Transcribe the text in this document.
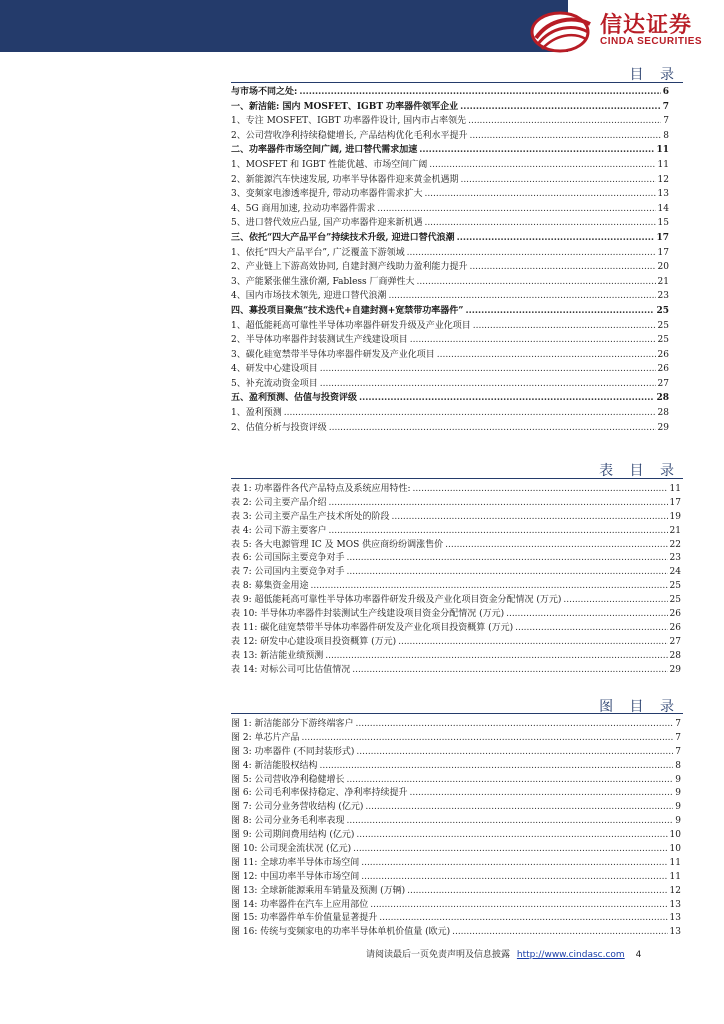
信达证券
CINDA SECURITIES
目 录
与市场不同之处: .....	6
一、新洁能: 国内 MOSFET、IGBT 功率器件领军企业 .....	7
1、专注 MOSFET、IGBT 功率器件设计, 国内市占率领先 .....	7
2、公司营收净利持续稳健增长, 产品结构优化毛利水平提升 .....	8
二、功率器件市场空间广阔, 进口替代需求加速 .....	11
1、MOSFET 和 IGBT 性能优越、市场空间广阔 .....	11
2、新能源汽车快速发展, 功率半导体器件迎来黄金机遇期 .....	12
3、变频家电渗透率提升, 带动功率器件需求扩大 .....	13
4、5G 商用加速, 拉动功率器件需求 .....	14
5、进口替代效应凸显, 国产功率器件迎来新机遇 .....	15
三、依托“四大产品平台”持续技术升级, 迎进口替代浪潮 .....	17
1、依托“四大产品平台”, 广泛覆盖下游领域 .....	17
2、产业链上下游高效协同, 自建封测产线助力盈利能力提升 .....	20
3、产能紧张催生涨价潮, Fabless 厂商弹性大 .....	21
4、国内市场技术领先, 迎进口替代浪潮 .....	23
四、募投项目聚焦“技术迭代+自建封测+宽禁带功率器件” .....	25
1、超低能耗高可靠性半导体功率器件研发升级及产业化项目 .....	25
2、半导体功率器件封装测试生产线建设项目 .....	25
3、碳化硅宽禁带半导体功率器件研发及产业化项目 .....	26
4、研发中心建设项目 .....	26
5、补充流动资金项目 .....	27
五、盈利预测、估值与投资评级 .....	28
1、盈利预测 .....	28
2、估值分析与投资评级 .....	29
表 目 录
表 1: 功率器件各代产品特点及系统应用特性: .....	11
表 2: 公司主要产品介绍 .....	17
表 3: 公司主要产品生产技术所处的阶段 .....	19
表 4: 公司下游主要客户 .....	21
表 5: 各大电源管理 IC 及 MOS 供应商纷纷调涨售价 .....	22
表 6: 公司国际主要竞争对手 .....	23
表 7: 公司国内主要竞争对手 .....	24
表 8: 募集资金用途 .....	25
表 9: 超低能耗高可靠性半导体功率器件研发升级及产业化项目资金分配情况 (万元) .....	25
表 10: 半导体功率器件封装测试生产线建设项目资金分配情况 (万元) .....	26
表 11: 碳化硅宽禁带半导体功率器件研发及产业化项目投资概算 (万元) .....	26
表 12: 研发中心建设项目投资概算 (万元) .....	27
表 13: 新洁能业绩预测 .....	28
表 14: 对标公司可比估值情况 .....	29
图 目 录
图 1: 新洁能部分下游终端客户 .....	7
图 2: 单芯片产品 .....	7
图 3: 功率器件 (不同封装形式) .....	7
图 4: 新洁能股权结构 .....	8
图 5: 公司营收净利稳健增长 .....	9
图 6: 公司毛利率保持稳定、净利率持续提升 .....	9
图 7: 公司分业务营收结构 (亿元) .....	9
图 8: 公司分业务毛利率表现 .....	9
图 9: 公司期间费用结构 (亿元) .....	10
图 10: 公司现金流状况 (亿元) .....	10
图 11: 全球功率半导体市场空间 .....	11
图 12: 中国功率半导体市场空间 .....	11
图 13: 全球新能源乘用车销量及预测 (万辆) .....	12
图 14: 功率器件在汽车上应用部位 .....	13
图 15: 功率器件单车价值量显著提升 .....	13
图 16: 传统与变频家电的功率半导体单机价值量 (欧元) .....	13
请阅读最后一页免责声明及信息披露 http://www.cindasc.com 4
